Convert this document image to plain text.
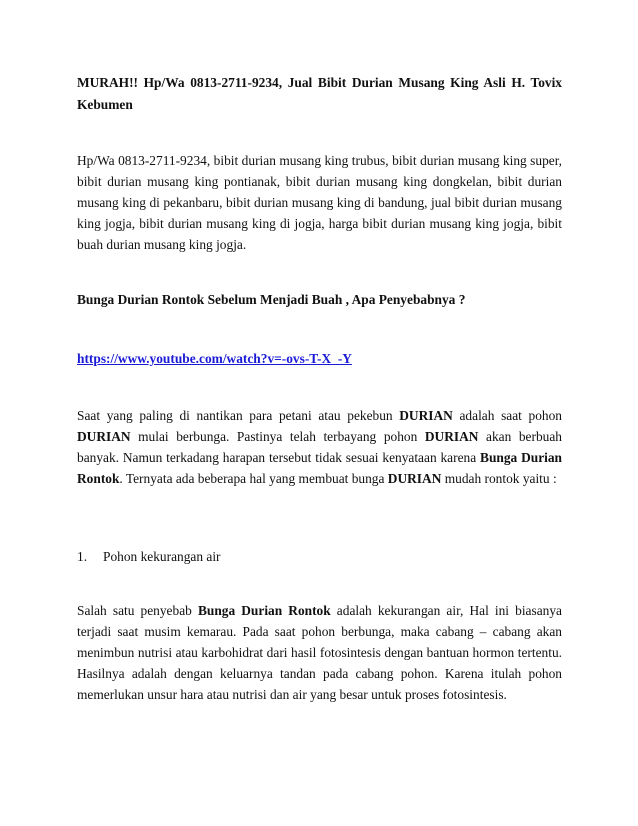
MURAH!! Hp/Wa 0813-2711-9234, Jual Bibit Durian Musang King Asli H. Tovix Kebumen
Hp/Wa 0813-2711-9234, bibit durian musang king trubus, bibit durian musang king super, bibit durian musang king pontianak, bibit durian musang king dongkelan, bibit durian musang king di pekanbaru, bibit durian musang king di bandung, jual bibit durian musang king jogja, bibit durian musang king di jogja, harga bibit durian musang king jogja, bibit buah durian musang king jogja.
Bunga Durian Rontok Sebelum Menjadi Buah , Apa Penyebabnya ?
https://www.youtube.com/watch?v=-ovs-T-X_-Y
Saat yang paling di nantikan para petani atau pekebun DURIAN adalah saat pohon DURIAN mulai berbunga. Pastinya telah terbayang pohon DURIAN akan berbuah banyak. Namun terkadang harapan tersebut tidak sesuai kenyataan karena Bunga Durian Rontok. Ternyata ada beberapa hal yang membuat bunga DURIAN mudah rontok yaitu :
1. Pohon kekurangan air
Salah satu penyebab Bunga Durian Rontok adalah kekurangan air, Hal ini biasanya terjadi saat musim kemarau. Pada saat pohon berbunga, maka cabang – cabang akan menimbun nutrisi atau karbohidrat dari hasil fotosintesis dengan bantuan hormon tertentu. Hasilnya adalah dengan keluarnya tandan pada cabang pohon. Karena itulah pohon memerlukan unsur hara atau nutrisi dan air yang besar untuk proses fotosintesis.
